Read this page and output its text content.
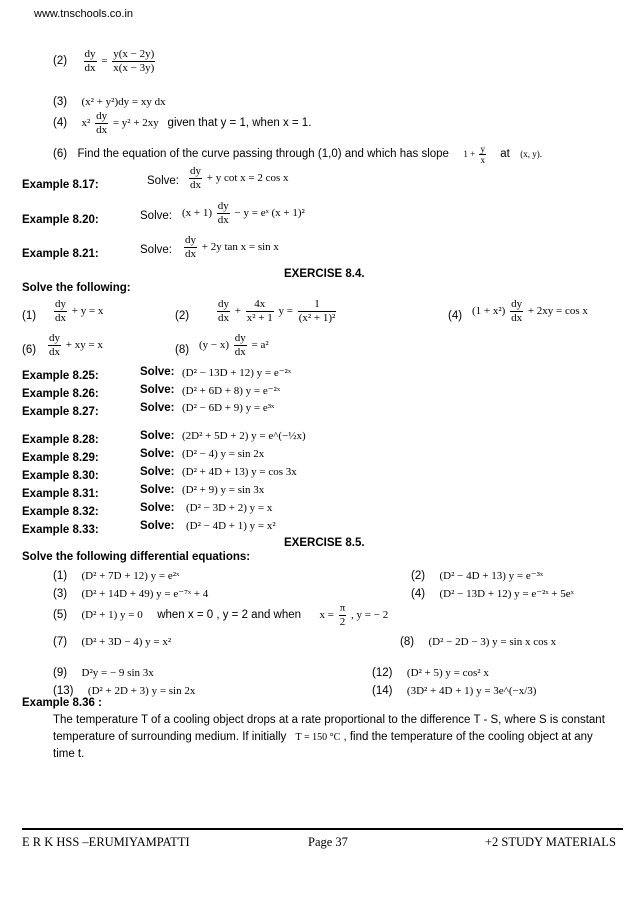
www.tnschools.co.in
$(2) \frac{dy}{dx} = \frac{y(x - 2y)}{x(x - 3y)}$
(3) (x² + y²)dy = xy dx
(4) $x^2 \frac{dy}{dx} = y^2 + 2xy$ given that y = 1, when x = 1.
(6) Find the equation of the curve passing through (1,0) and which has slope $1 + \frac{y}{x}$ at (x, y).
Example 8.17:	Solve: $\frac{dy}{dx} + y$ cot x = 2 cos x
Example 8.20:	Solve: $(x + 1) \frac{dy}{dx} - y$ = eˣ (x + 1)²
Example 8.21:	Solve: $\frac{dy}{dx} + 2y$ tan x = sin x
EXERCISE 8.4.
Solve the following:
$(1) \frac{dy}{dx} + y = x$	(2)	$\frac{dy}{dx} + \frac{4x}{\text{x² + 1}}$ $y = \frac{1}{\text{(x² + 1)²}}$	(4) $(1 + x^2) \frac{dy}{dx} + 2xy = \cos x$
$(6) \frac{dy}{dx}$ + xy = x	(8) $(y - x) \frac{dy}{dx} = a^2$
Example 8.25:	Solve: (D² − 13D + 12) y = e⁻²ˣ
Example 8.26:	Solve: (D² + 6D + 8) y = e⁻²ˣ
Example 8.27:	Solve: (D² − 6D + 9) y = e³ˣ
Example 8.28:	Solve: (2D² + 5D + 2) y = e^(−½x)
Example 8.29:	Solve: (D² − 4) y = sin 2x
Example 8.30:	Solve: (D² + 4D + 13) y = cos 3x
Example 8.31:	Solve: (D² + 9) y = sin 3x
Example 8.32:	Solve: (D² − 3D + 2) y = x
Example 8.33:	Solve: (D² − 4D + 1) y = x²
EXERCISE 8.5.
Solve the following differential equations:
(1) (D² + 7D + 12) y = e²ˣ	(2) (D² − 4D + 13) y = e⁻³ˣ
(3) (D² + 14D + 49) y = e⁻⁷ˣ + 4	(4) (D² − 13D + 12) y = e⁻²ˣ + 5eˣ
(5) (D² + 1) y = 0 when x = 0 , y = 2 and when $x = \frac{\pi}{2}$ , y = − 2
(7) (D² + 3D − 4) y = x²	(8) (D² − 2D − 3) y = sin x cos x
(9) D²y = − 9 sin 3x	(12) (D² + 5) y = cos² x
(13) (D² + 2D + 3) y = sin 2x	(14) (3D² + 4D + 1) y = 3e^(−x/3)
Example 8.36 :
The temperature T of a cooling object drops at a rate proportional to the difference T - S, where S is constant
temperature of surrounding medium. If initially T = 150 °C , find the temperature of the cooling object at any
time t.
E R K HSS –ERUMIYAMPATTI	Page 37	+2 STUDY MATERIALS
